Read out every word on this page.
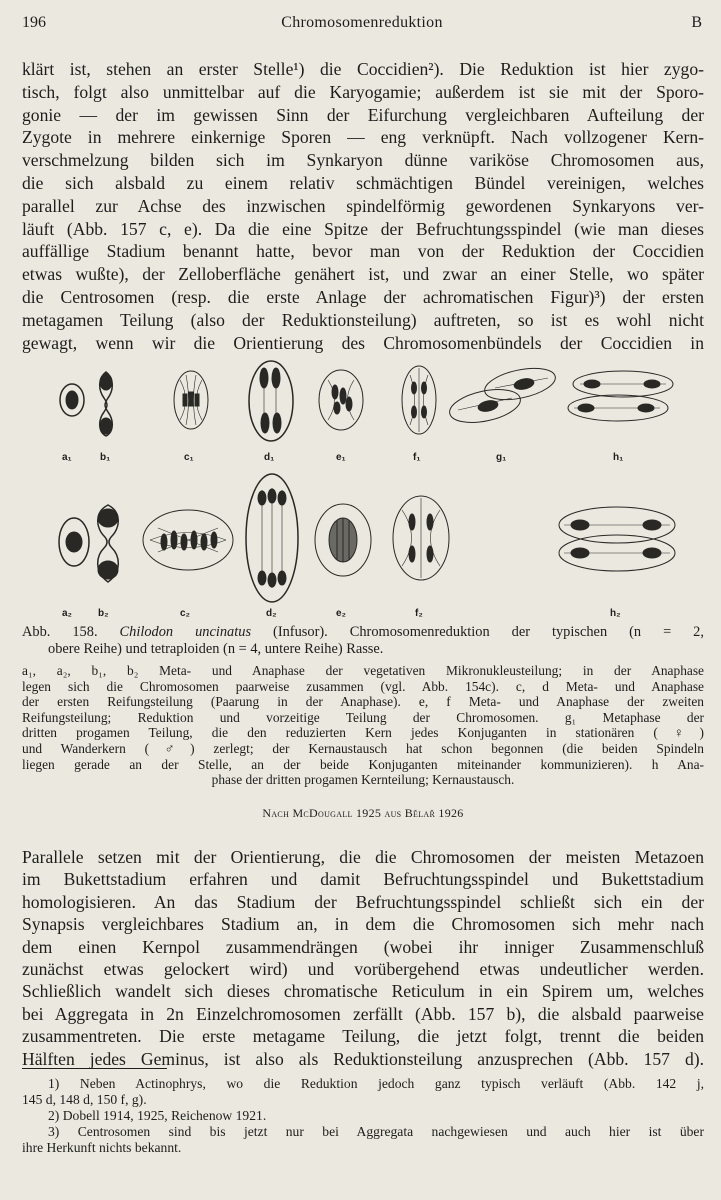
196	Chromosomenreduktion	B
klärt ist, stehen an erster Stelle¹) die Coccidien²). Die Reduktion ist hier zygo-
tisch, folgt also unmittelbar auf die Karyogamie; außerdem ist sie mit der Sporo-
gonie — der im gewissen Sinn der Eifurchung vergleichbaren Aufteilung der
Zygote in mehrere einkernige Sporen — eng verknüpft. Nach vollzogener Kern-
verschmelzung bilden sich im Synkaryon dünne variköse Chromosomen aus,
die sich alsbald zu einem relativ schmächtigen Bündel vereinigen, welches
parallel zur Achse des inzwischen spindelförmig gewordenen Synkaryons ver-
läuft (Abb. 157 c, e). Da die eine Spitze der Befruchtungsspindel (wie man dieses
auffällige Stadium benannt hatte, bevor man von der Reduktion der Coccidien
etwas wußte), der Zelloberfläche genähert ist, und zwar an einer Stelle, wo später
die Centrosomen (resp. die erste Anlage der achromatischen Figur)³) der ersten
metagamen Teilung (also der Reduktionsteilung) auftreten, so ist es wohl nicht
gewagt, wenn wir die Orientierung des Chromosomenbündels der Coccidien in
a₁	b₁	c₁	d₁	e₁	f₁	g₁	h₁
a₂	b₂	c₂	d₂	e₂	f₂	h₂
Abb. 158. Chilodon uncinatus (Infusor). Chromosomenreduktion der typischen (n = 2,
obere Reihe) und tetraploiden (n = 4, untere Reihe) Rasse.
a₁, a₂, b₁, b₂ Meta- und Anaphase der vegetativen Mikronukleusteilung; in der Anaphase
legen sich die Chromosomen paarweise zusammen (vgl. Abb. 154c). c, d Meta- und Anaphase
der ersten Reifungsteilung (Paarung in der Anaphase). e, f Meta- und Anaphase der zweiten
Reifungsteilung; Reduktion und vorzeitige Teilung der Chromosomen. g₁ Metaphase der
dritten progamen Teilung, die den reduzierten Kern jedes Konjuganten in stationären (♀)
und Wanderkern (♂) zerlegt; der Kernaustausch hat schon begonnen (die beiden Spindeln
liegen gerade an der Stelle, an der beide Konjuganten miteinander kommunizieren). h Ana-
phase der dritten progamen Kernteilung; Kernaustausch.
Nach McDougall 1925 aus Bělař 1926
Parallele setzen mit der Orientierung, die die Chromosomen der meisten Metazoen
im Bukettstadium erfahren und damit Befruchtungsspindel und Bukettstadium
homologisieren. An das Stadium der Befruchtungsspindel schließt sich ein der
Synapsis vergleichbares Stadium an, in dem die Chromosomen sich mehr nach
dem einen Kernpol zusammendrängen (wobei ihr inniger Zusammenschluß
zunächst etwas gelockert wird) und vorübergehend etwas undeutlicher werden.
Schließlich wandelt sich dieses chromatische Reticulum in ein Spirem um, welches
bei Aggregata in 2n Einzelchromosomen zerfällt (Abb. 157 b), die alsbald paarweise
zusammentreten. Die erste metagame Teilung, die jetzt folgt, trennt die beiden
Hälften jedes Geminus, ist also als Reduktionsteilung anzusprechen (Abb. 157 d).
1) Neben Actinophrys, wo die Reduktion jedoch ganz typisch verläuft (Abb. 142 j,
145 d, 148 d, 150 f, g).
2) Dobell 1914, 1925, Reichenow 1921.
3) Centrosomen sind bis jetzt nur bei Aggregata nachgewiesen und auch hier ist über
ihre Herkunft nichts bekannt.
